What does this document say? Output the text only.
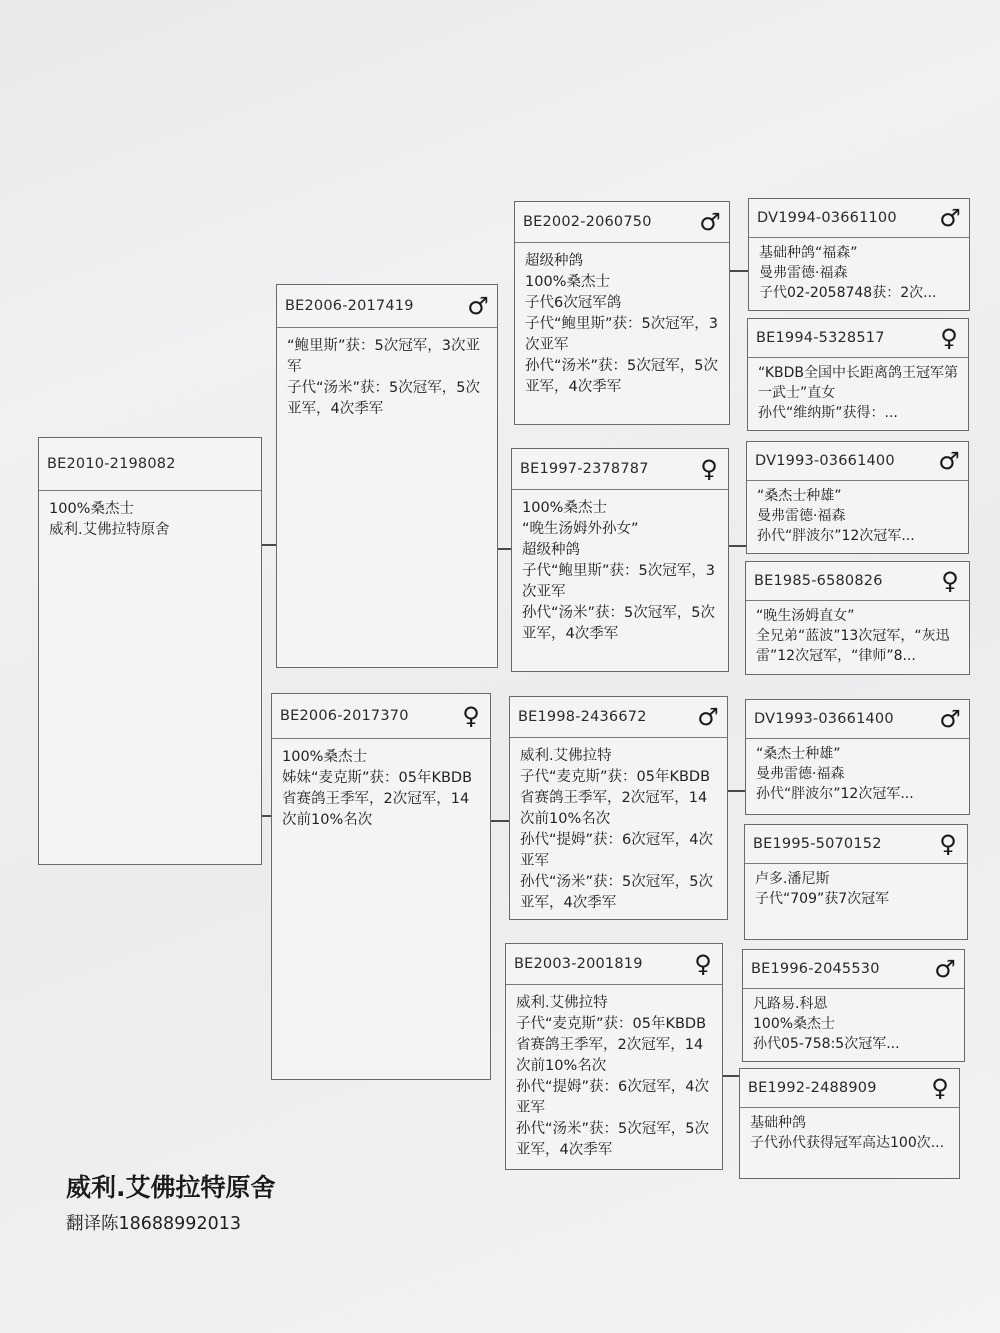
BE2010-2198082
100%桑杰士
威利.艾佛拉特原舍
BE2006-2017419	♂
“鲍里斯”获：5次冠军，3次亚军
子代“汤米”获：5次冠军，5次亚军，4次季军
BE2006-2017370	♀
100%桑杰士
姊妹“麦克斯”获：05年KBDB省赛鸽王季军，2次冠军，14次前10%名次
BE2002-2060750	♂
超级种鸽
100%桑杰士
子代6次冠军鸽
子代“鲍里斯”获：5次冠军，3次亚军
孙代“汤米”获：5次冠军，5次亚军，4次季军
BE1997-2378787	♀
100%桑杰士
“晚生汤姆外孙女”
超级种鸽
子代“鲍里斯”获：5次冠军，3次亚军
孙代“汤米”获：5次冠军，5次亚军，4次季军
BE1998-2436672	♂
威利.艾佛拉特
子代“麦克斯”获：05年KBDB省赛鸽王季军，2次冠军，14次前10%名次
孙代“提姆”获：6次冠军，4次亚军
孙代“汤米”获：5次冠军，5次亚军，4次季军
BE2003-2001819	♀
威利.艾佛拉特
子代“麦克斯”获：05年KBDB省赛鸽王季军，2次冠军，14次前10%名次
孙代“提姆”获：6次冠军，4次亚军
孙代“汤米”获：5次冠军，5次亚军，4次季军
DV1994-03661100	♂
基础种鸽“福森”
曼弗雷德·福森
子代02-2058748获：2次...
BE1994-5328517	♀
“KBDB全国中长距离鸽王冠军第一武士”直女
孙代“维纳斯”获得：...
DV1993-03661400	♂
“桑杰士种雄”
曼弗雷德·福森
孙代“胖波尔”12次冠军...
BE1985-6580826	♀
“晚生汤姆直女”
全兄弟“蓝波”13次冠军，“灰迅雷”12次冠军，“律师”8...
DV1993-03661400	♂
“桑杰士种雄”
曼弗雷德·福森
孙代“胖波尔”12次冠军...
BE1995-5070152	♀
卢多.潘尼斯
子代“709”获7次冠军
BE1996-2045530	♂
凡路易.科恩
100%桑杰士
孙代05-758:5次冠军...
BE1992-2488909	♀
基础种鸽
子代孙代获得冠军高达100次...
威利.艾佛拉特原舍
翻译陈18688992013
